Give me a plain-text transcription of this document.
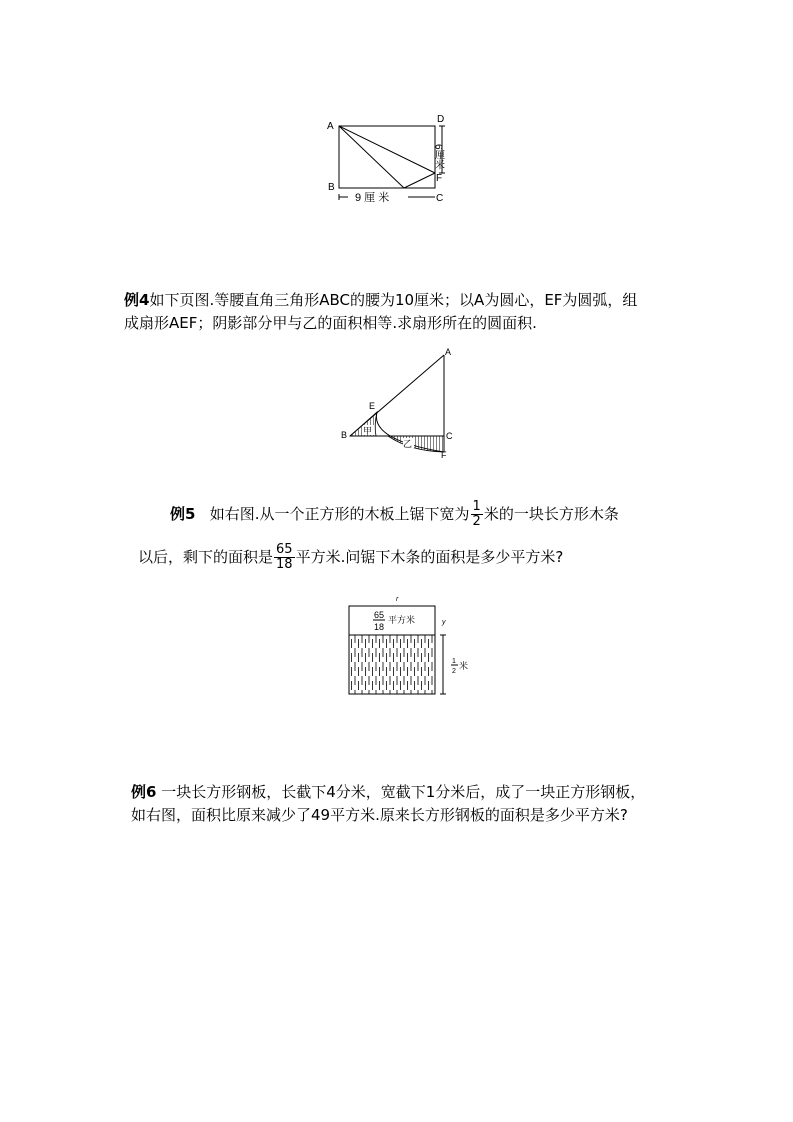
A
B
D
F
C
6厘米
9 厘 米
例4如下页图.等腰直角三角形ABC的腰为10厘米；以A为圆心，EF为圆弧，组
成扇形AEF；阴影部分甲与乙的面积相等.求扇形所在的圆面积.
A
E
B	C
F
甲
乙
例5 如右图.从一个正方形的木板上锯下宽为 $\frac{1}{2}$ 米的一块长方形木条
以后，剩下的面积是 $\frac{65}{18}$ 平方米.问锯下木条的面积是多少平方米?
r
y
65
18
平方米
1
2
米
例6 一块长方形钢板，长截下4分米，宽截下1分米后，成了一块正方形钢板，
如右图，面积比原来减少了49平方米.原来长方形钢板的面积是多少平方米?
